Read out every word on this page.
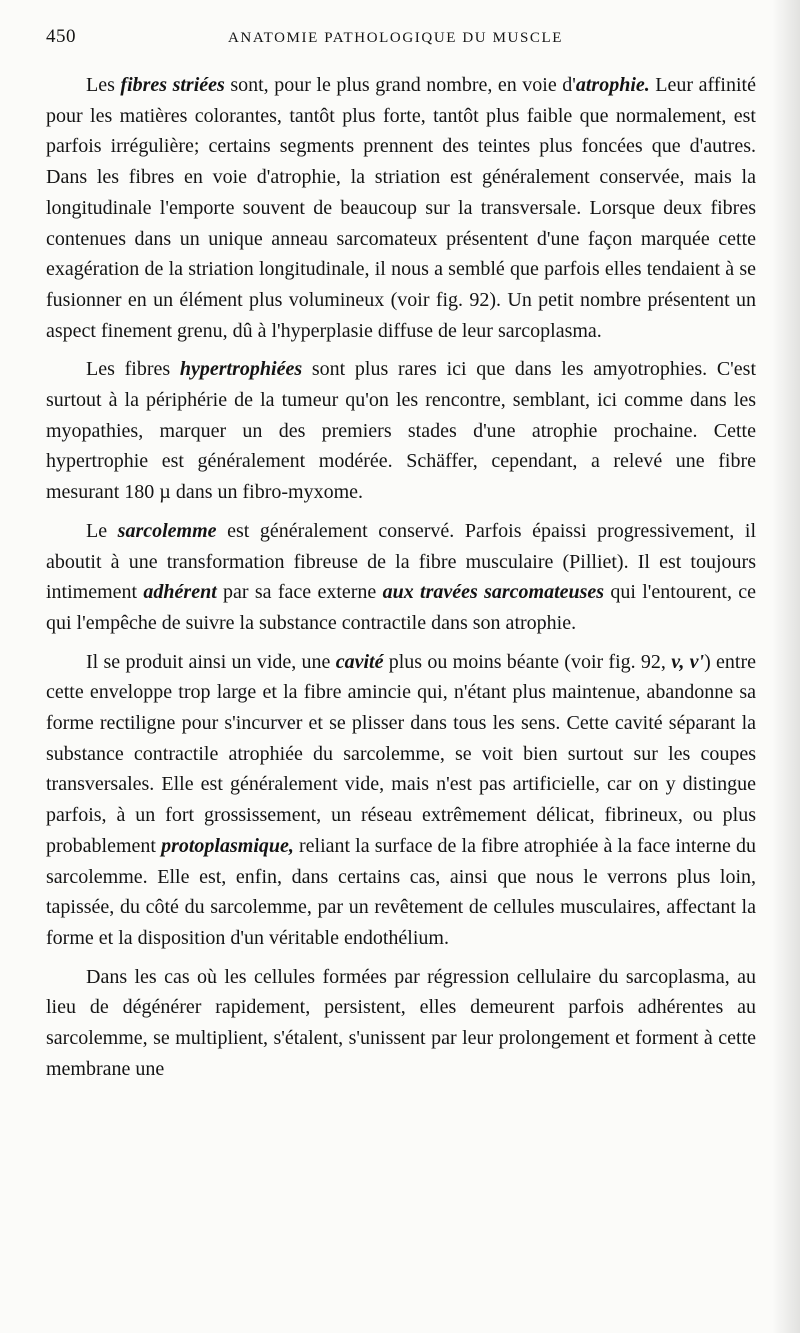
450	ANATOMIE PATHOLOGIQUE DU MUSCLE

Les fibres striées sont, pour le plus grand nombre, en voie d'atrophie. Leur affinité pour les matières colorantes, tantôt plus forte, tantôt plus faible que normalement, est parfois irrégulière; certains segments prennent des teintes plus foncées que d'autres. Dans les fibres en voie d'atrophie, la striation est généralement conservée, mais la longitudinale l'emporte souvent de beaucoup sur la transversale. Lorsque deux fibres contenues dans un unique anneau sarcomateux présentent d'une façon marquée cette exagération de la striation longitudinale, il nous a semblé que parfois elles tendaient à se fusionner en un élément plus volumineux (voir fig. 92). Un petit nombre présentent un aspect finement grenu, dû à l'hyperplasie diffuse de leur sarcoplasma.

Les fibres hypertrophiées sont plus rares ici que dans les amyotrophies. C'est surtout à la périphérie de la tumeur qu'on les rencontre, semblant, ici comme dans les myopathies, marquer un des premiers stades d'une atrophie prochaine. Cette hypertrophie est généralement modérée. Schäffer, cependant, a relevé une fibre mesurant 180 µ dans un fibro-myxome.

Le sarcolemme est généralement conservé. Parfois épaissi progressivement, il aboutit à une transformation fibreuse de la fibre musculaire (Pilliet). Il est toujours intimement adhérent par sa face externe aux travées sarcomateuses qui l'entourent, ce qui l'empêche de suivre la substance contractile dans son atrophie.

Il se produit ainsi un vide, une cavité plus ou moins béante (voir fig. 92, v, v') entre cette enveloppe trop large et la fibre amincie qui, n'étant plus maintenue, abandonne sa forme rectiligne pour s'incurver et se plisser dans tous les sens. Cette cavité séparant la substance contractile atrophiée du sarcolemme, se voit bien surtout sur les coupes transversales. Elle est généralement vide, mais n'est pas artificielle, car on y distingue parfois, à un fort grossissement, un réseau extrêmement délicat, fibrineux, ou plus probablement protoplasmique, reliant la surface de la fibre atrophiée à la face interne du sarcolemme. Elle est, enfin, dans certains cas, ainsi que nous le verrons plus loin, tapissée, du côté du sarcolemme, par un revêtement de cellules musculaires, affectant la forme et la disposition d'un véritable endothélium.

Dans les cas où les cellules formées par régression cellulaire du sarcoplasma, au lieu de dégénérer rapidement, persistent, elles demeurent parfois adhérentes au sarcolemme, se multiplient, s'étalent, s'unissent par leur prolongement et forment à cette membrane une
